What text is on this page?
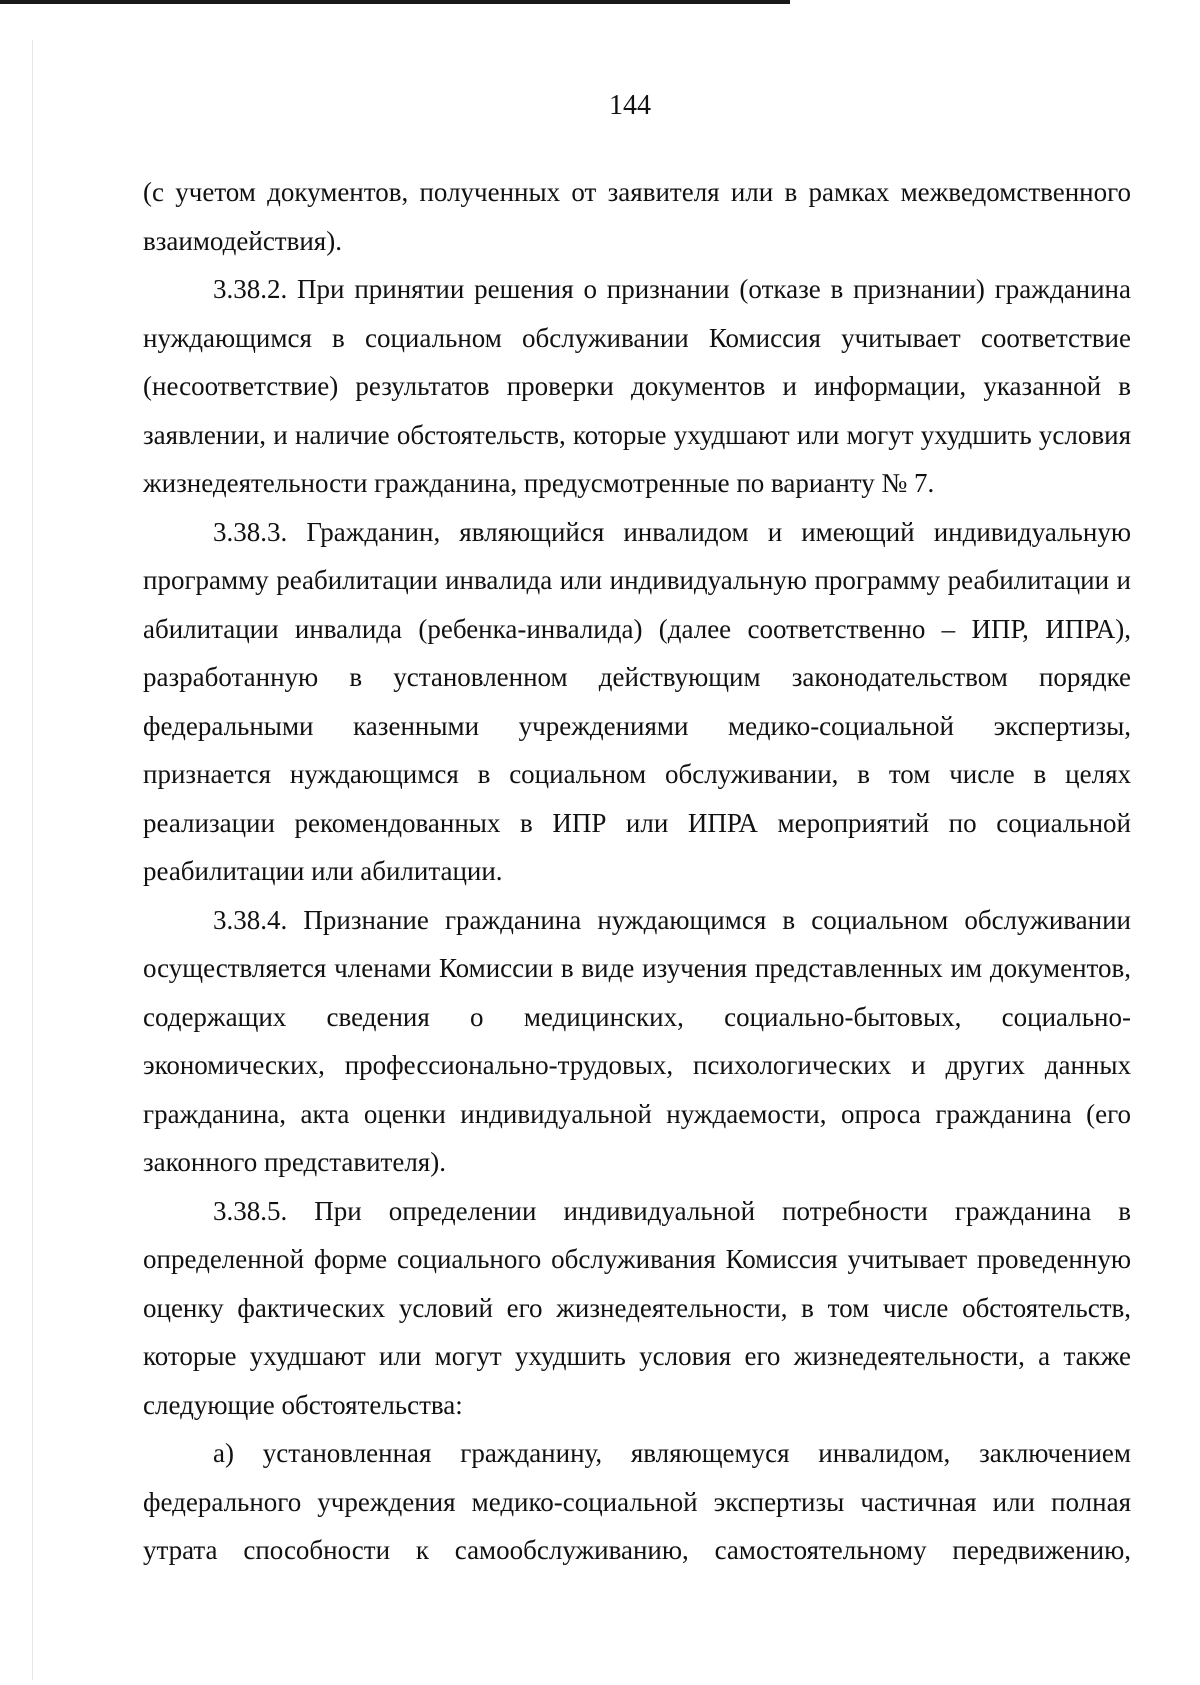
144

(с учетом документов, полученных от заявителя или в рамках межведомственного взаимодействия).

3.38.2. При принятии решения о признании (отказе в признании) гражданина нуждающимся в социальном обслуживании Комиссия учитывает соответствие (несоответствие) результатов проверки документов и информации, указанной в заявлении, и наличие обстоятельств, которые ухудшают или могут ухудшить условия жизнедеятельности гражданина, предусмотренные по варианту № 7.

3.38.3. Гражданин, являющийся инвалидом и имеющий индивидуальную программу реабилитации инвалида или индивидуальную программу реабилитации и абилитации инвалида (ребенка-инвалида) (далее соответственно – ИПР, ИПРА), разработанную в установленном действующим законодательством порядке федеральными казенными учреждениями медико-социальной экспертизы, признается нуждающимся в социальном обслуживании, в том числе в целях реализации рекомендованных в ИПР или ИПРА мероприятий по социальной реабилитации или абилитации.

3.38.4. Признание гражданина нуждающимся в социальном обслуживании осуществляется членами Комиссии в виде изучения представленных им документов, содержащих сведения о медицинских, социально-бытовых, социально-экономических, профессионально-трудовых, психологических и других данных гражданина, акта оценки индивидуальной нуждаемости, опроса гражданина (его законного представителя).

3.38.5. При определении индивидуальной потребности гражданина в определенной форме социального обслуживания Комиссия учитывает проведенную оценку фактических условий его жизнедеятельности, в том числе обстоятельств, которые ухудшают или могут ухудшить условия его жизнедеятельности, а также следующие обстоятельства:

а) установленная гражданину, являющемуся инвалидом, заключением федерального учреждения медико-социальной экспертизы частичная или полная утрата способности к самообслуживанию, самостоятельному передвижению,
